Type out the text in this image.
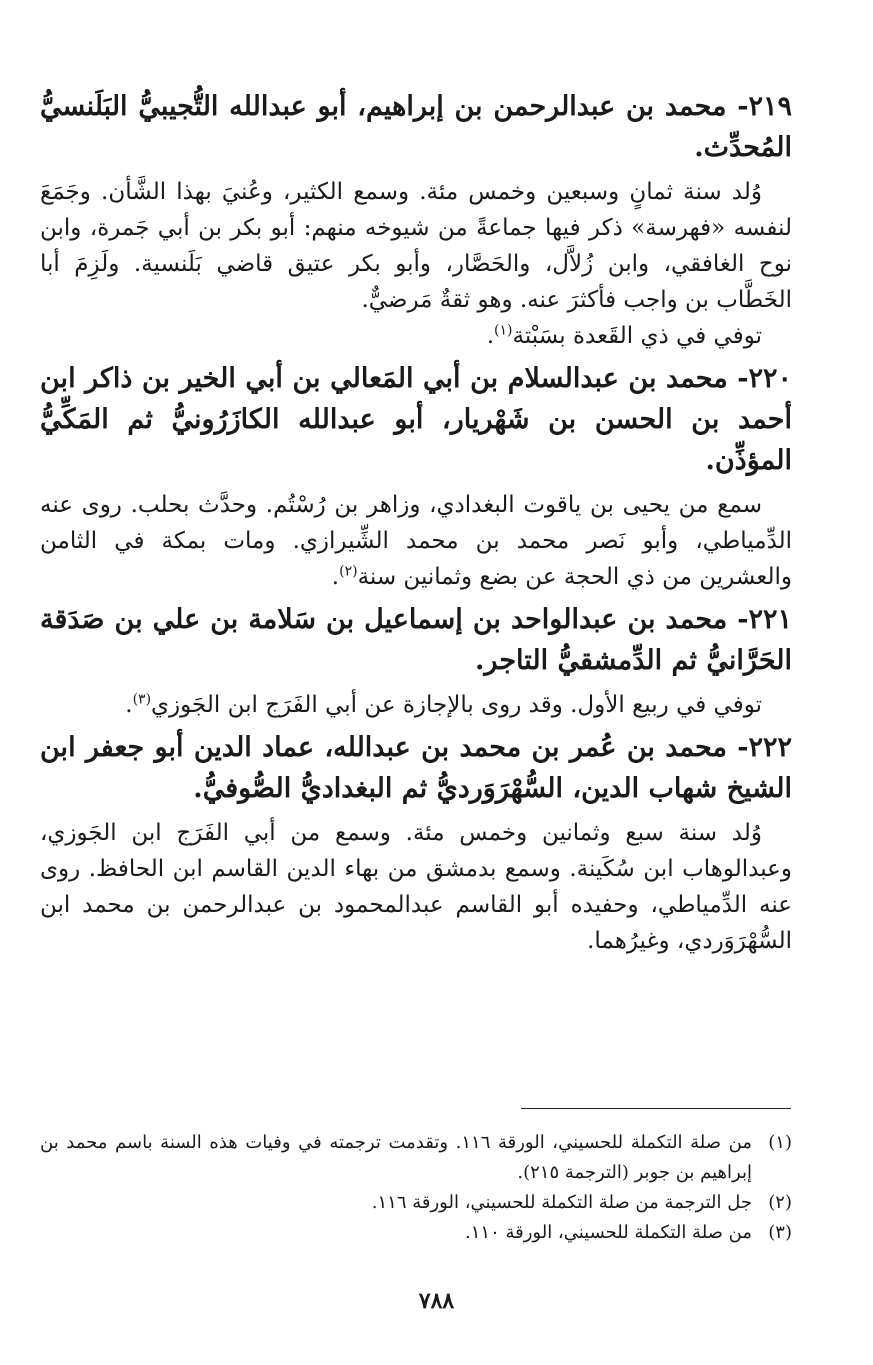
٢١٩- محمد بن عبدالرحمن بن إبراهيم، أبو عبدالله التُّجيبيُّ البَلَنسيُّ المُحدِّث.

وُلد سنة ثمانٍ وسبعين وخمس مئة. وسمع الكثير، وعُنيَ بهذا الشَّأن. وجَمَعَ لنفسه «فهرسة» ذكر فيها جماعةً من شيوخه منهم: أبو بكر بن أبي جَمرة، وابن نوح الغافقي، وابن زُلاَّل، والحَصَّار، وأبو بكر عتيق قاضي بَلَنسية. ولَزِمَ أبا الخَطَّاب بن واجب فأكثرَ عنه. وهو ثقةٌ مَرضيٌّ.

توفي في ذي القَعدة بسَبْتة$^{(١)}$.

٢٢٠- محمد بن عبدالسلام بن أبي المَعالي بن أبي الخير بن ذاكر ابن أحمد بن الحسن بن شَهْريار، أبو عبدالله الكازَرُونيُّ ثم المَكِّيُّ المؤذِّن.

سمع من يحيى بن ياقوت البغدادي، وزاهر بن رُسْتُم. وحدَّث بحلب. روى عنه الدِّمياطي، وأبو نَصر محمد بن محمد الشِّيرازي. ومات بمكة في الثامن والعشرين من ذي الحجة عن بضع وثمانين سنة$^{(٢)}$.

٢٢١- محمد بن عبدالواحد بن إسماعيل بن سَلامة بن علي بن صَدَقة الحَرَّانيُّ ثم الدِّمشقيُّ التاجر.

توفي في ربيع الأول. وقد روى بالإجازة عن أبي الفَرَج ابن الجَوزي$^{(٣)}$.

٢٢٢- محمد بن عُمر بن محمد بن عبدالله، عماد الدين أبو جعفر ابن الشيخ شهاب الدين، السُّهْرَوَرديُّ ثم البغداديُّ الصُّوفيُّ.

وُلد سنة سبع وثمانين وخمس مئة. وسمع من أبي الفَرَج ابن الجَوزي، وعبدالوهاب ابن سُكَينة. وسمع بدمشق من بهاء الدين القاسم ابن الحافظ. روى عنه الدِّمياطي، وحفيده أبو القاسم عبدالمحمود بن عبدالرحمن بن محمد ابن السُّهْرَوَردي، وغيرُهما.

(١)
من صلة التكملة للحسيني، الورقة ١١٦. وتقدمت ترجمته في وفيات هذه السنة باسم محمد بن إبراهيم بن جوبر (الترجمة ٢١٥).
(٢)
جل الترجمة من صلة التكملة للحسيني، الورقة ١١٦.
(٣)
من صلة التكملة للحسيني، الورقة ١١٠.
٧٨٨
